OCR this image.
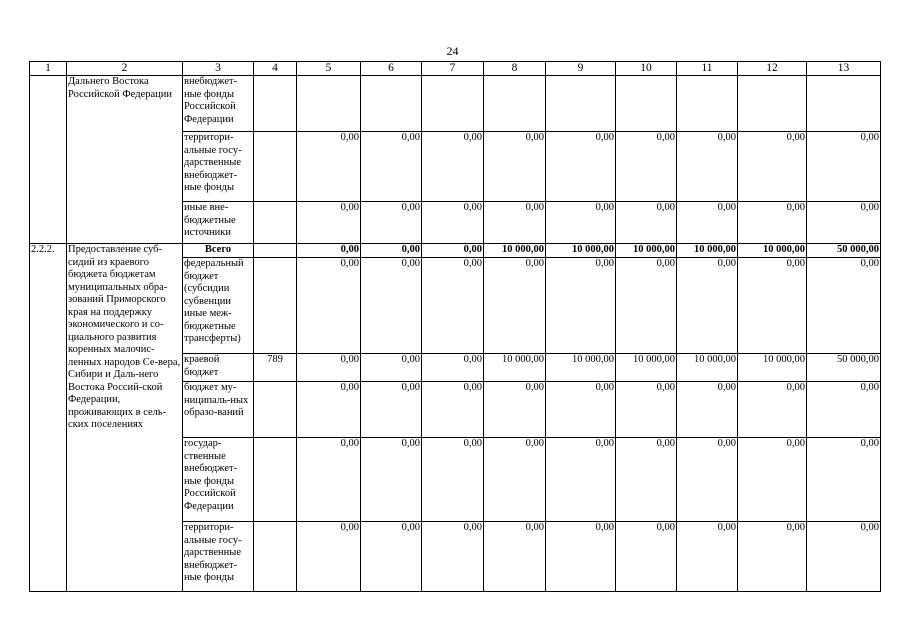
24
1	2	3	4	5	6	7	8	9	10	11	12	13
	Дальнего Востока Российской Федерации	внебюджет-ные фонды Российской Федерации										
		территори-альные госу-дарственные внебюджет-ные фонды		0,00	0,00	0,00	0,00	0,00	0,00	0,00	0,00	0,00
		иные вне-бюджетные источники		0,00	0,00	0,00	0,00	0,00	0,00	0,00	0,00	0,00
2.2.2.	Предоставление суб-сидий из краевого бюджета бюджетам муниципальных обра-зований Приморского края на поддержку экономического и со-циального развития коренных малочис-ленных народов Се-вера, Сибири и Даль-него Востока Россий-ской Федерации, проживающих в сель-ских поселениях	Всего		0,00	0,00	0,00	10 000,00	10 000,00	10 000,00	10 000,00	10 000,00	50 000,00
		федеральный бюджет (субсидии субвенции иные меж-бюджетные трансферты)		0,00	0,00	0,00	0,00	0,00	0,00	0,00	0,00	0,00
		краевой бюджет	789	0,00	0,00	0,00	10 000,00	10 000,00	10 000,00	10 000,00	10 000,00	50 000,00
		бюджет му-ниципаль-ных образо-ваний		0,00	0,00	0,00	0,00	0,00	0,00	0,00	0,00	0,00
		государ-ственные внебюджет-ные фонды Российской Федерации		0,00	0,00	0,00	0,00	0,00	0,00	0,00	0,00	0,00
		территори-альные госу-дарственные внебюджет-ные фонды		0,00	0,00	0,00	0,00	0,00	0,00	0,00	0,00	0,00
